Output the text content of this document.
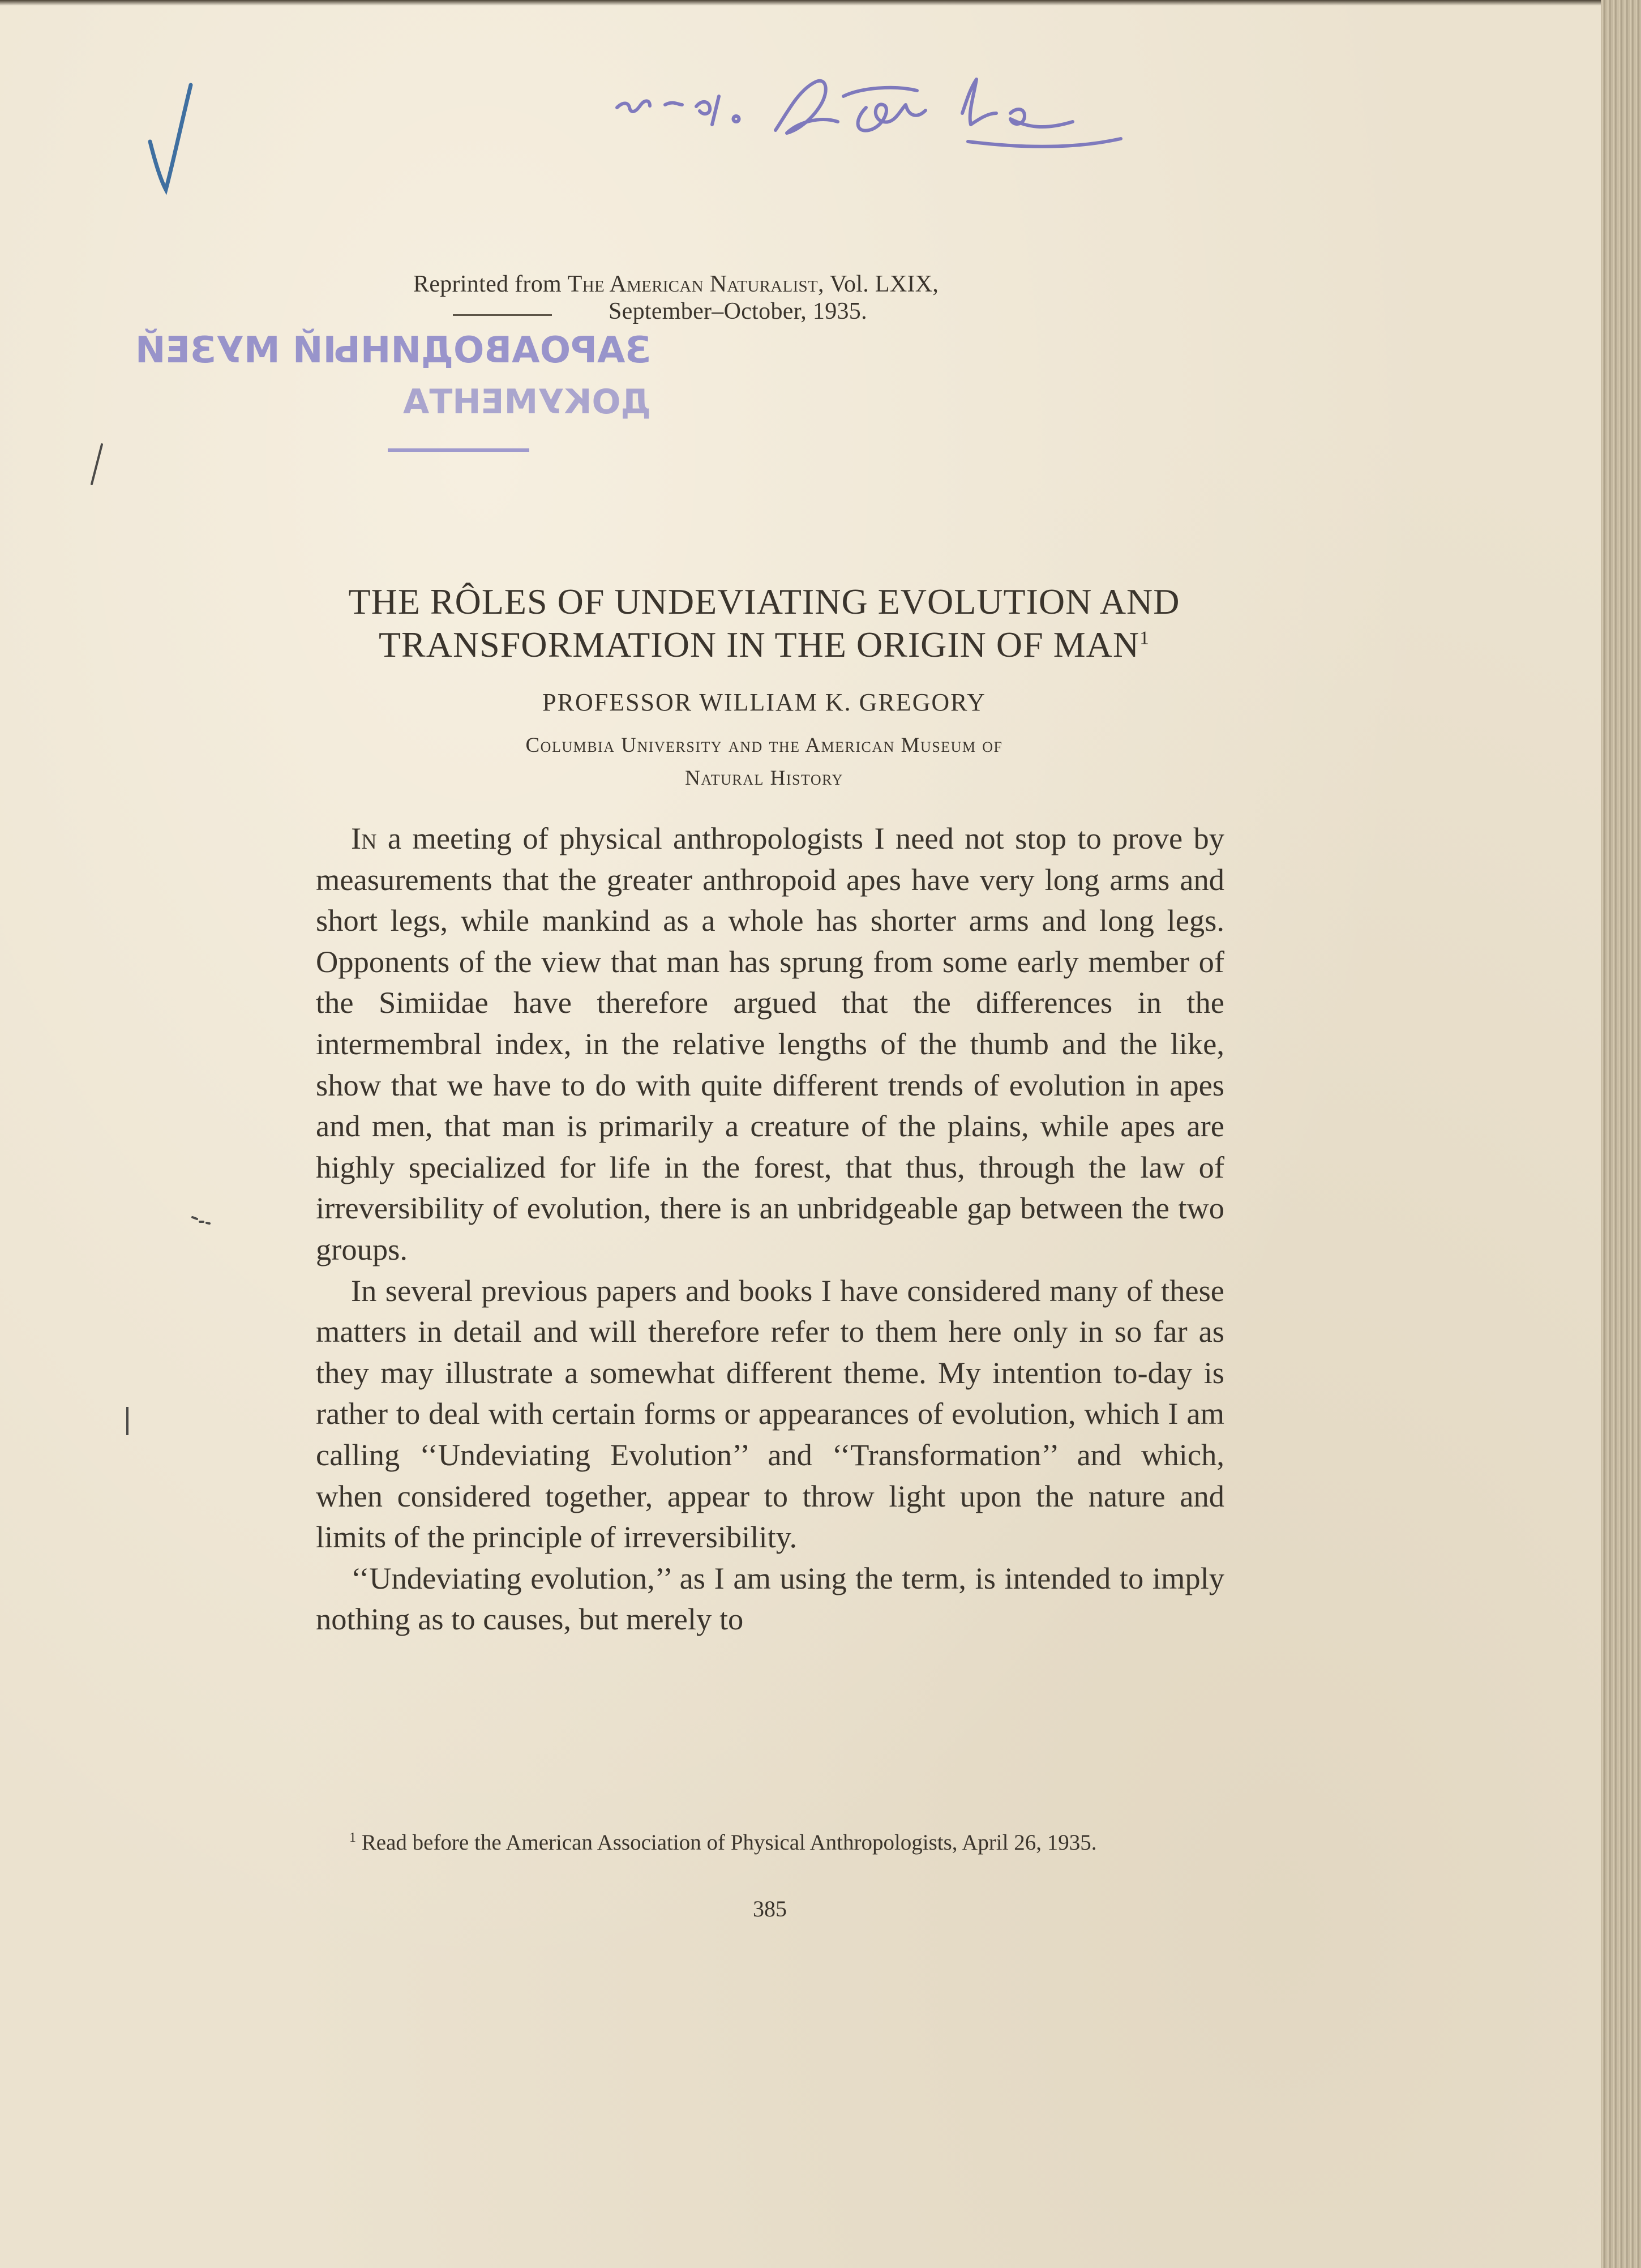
ЗАРОАВОДИНЫЙ МУЗЕЙ
ДОКУМЕНТА
Reprinted from The American Naturalist, Vol. LXIX,
September–October, 1935.
THE RÔLES OF UNDEVIATING EVOLUTION AND
TRANSFORMATION IN THE ORIGIN OF MAN$^1$
PROFESSOR WILLIAM K. GREGORY
Columbia University and the American Museum of
Natural History

In a meeting of physical anthropologists I need not stop to prove by measurements that the greater anthropoid apes have very long arms and short legs, while mankind as a whole has shorter arms and long legs. Opponents of the view that man has sprung from some early member of the Simiidae have therefore argued that the differences in the intermembral index, in the relative lengths of the thumb and the like, show that we have to do with quite different trends of evolution in apes and men, that man is primarily a creature of the plains, while apes are highly specialized for life in the forest, that thus, through the law of irreversibility of evolution, there is an unbridgeable gap between the two groups.

In several previous papers and books I have considered many of these matters in detail and will therefore refer to them here only in so far as they may illustrate a somewhat different theme. My intention to-day is rather to deal with certain forms or appearances of evolution, which I am calling ‘‘Undeviating Evolution’’ and ‘‘Transformation’’ and which, when considered together, appear to throw light upon the nature and limits of the principle of irreversibility.

‘‘Undeviating evolution,’’ as I am using the term, is intended to imply nothing as to causes, but merely to

$^1$ Read before the American Association of Physical Anthropologists, April 26, 1935.

385
